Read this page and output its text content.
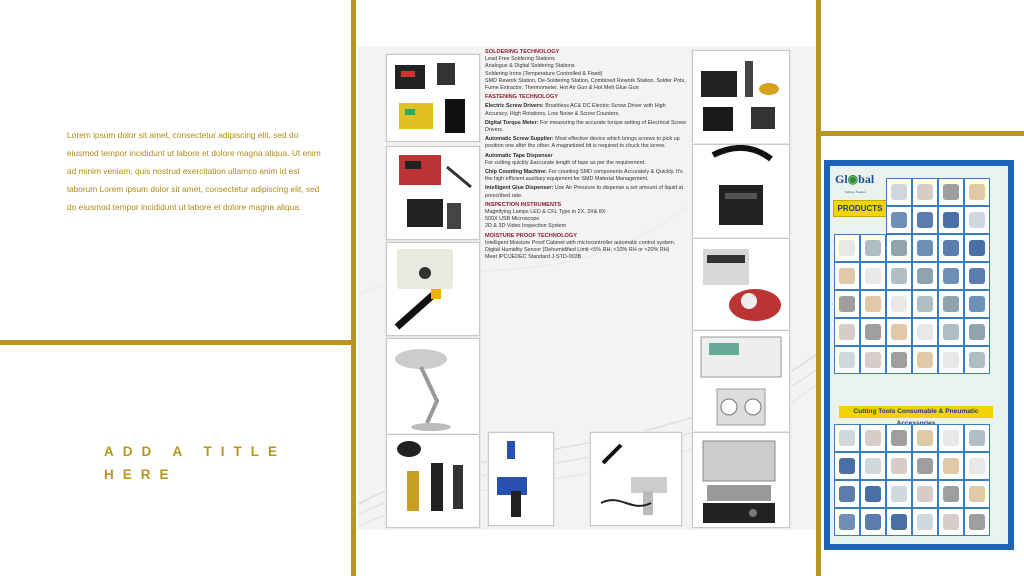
Lorem ipsum dolor sit amet, consectetur adipiscing elit, sed do eiusmod tempor incididunt ut labore et dolore magna aliqua. Ut enim ad minim veniam, quis nostrud exercitation ullamco anim id est laborum Lorem ipsum dolor sit amet, consectetur adipiscing elit, sed do eiusmod tempor incididunt ut labore et dolore magna aliqua.
ADD A TITLE HERE
SOLDERING TECHNOLOGY
Lead Free Soldering Stations
Analogue & Digital Soldering Stations
Soldering Irons (Temperature Controlled & Fixed)
SMD Rework Station, De-Soldering Station, Combined Rework Station, Solder Pots, Fume Extractor, Thermometer, Hot Air Gun & Hot Melt Glue Gun
FASTENING TECHNOLOGY
Electric Screw Drivers: Brushless AC& DC Electric Screw Driver with High Accuracy, High Rotations, Low Noise & Screw Counters.
Digital Torque Meter: For measuring the accurate torque setting of Electrical Screw Drivers.
Automatic Screw Supplier: Most effective device which brings screws to pick up position one after the other. A magnetized bit is required to chuck the screw.
Automatic Tape Dispenser
For cutting quickly &accurate length of tape as per the requirement.
Chip Counting Machine: For counting SMD components Accurately & Quickly. It's the high efficient auxiliary equipment for SMD Material Management.
Intelligent Glue Dispenser: Use Air Pressure to dispense a set amount of liquid at prescribed rate.
INSPECTION INSTRUMENTS
Magnifying Lamps LED & CFL Type in 2X, 3X& 8X
500X USB Microscope
2D & 3D Video Inspection System
MOISTURE PROOF TECHNOLOGY
Intelligent Moisture Proof Cabinet with microcontroller automatic control system.
Digital Humidity Sensor (Dehumidified Limit <5% RH, <10% RH or <20% RH)
Meet IPC/JEDEC Standard J-STD-003B
Gl◉bal
Sphere Traders
PRODUCTS
Cutting Tools Consumable & Pneumatic
